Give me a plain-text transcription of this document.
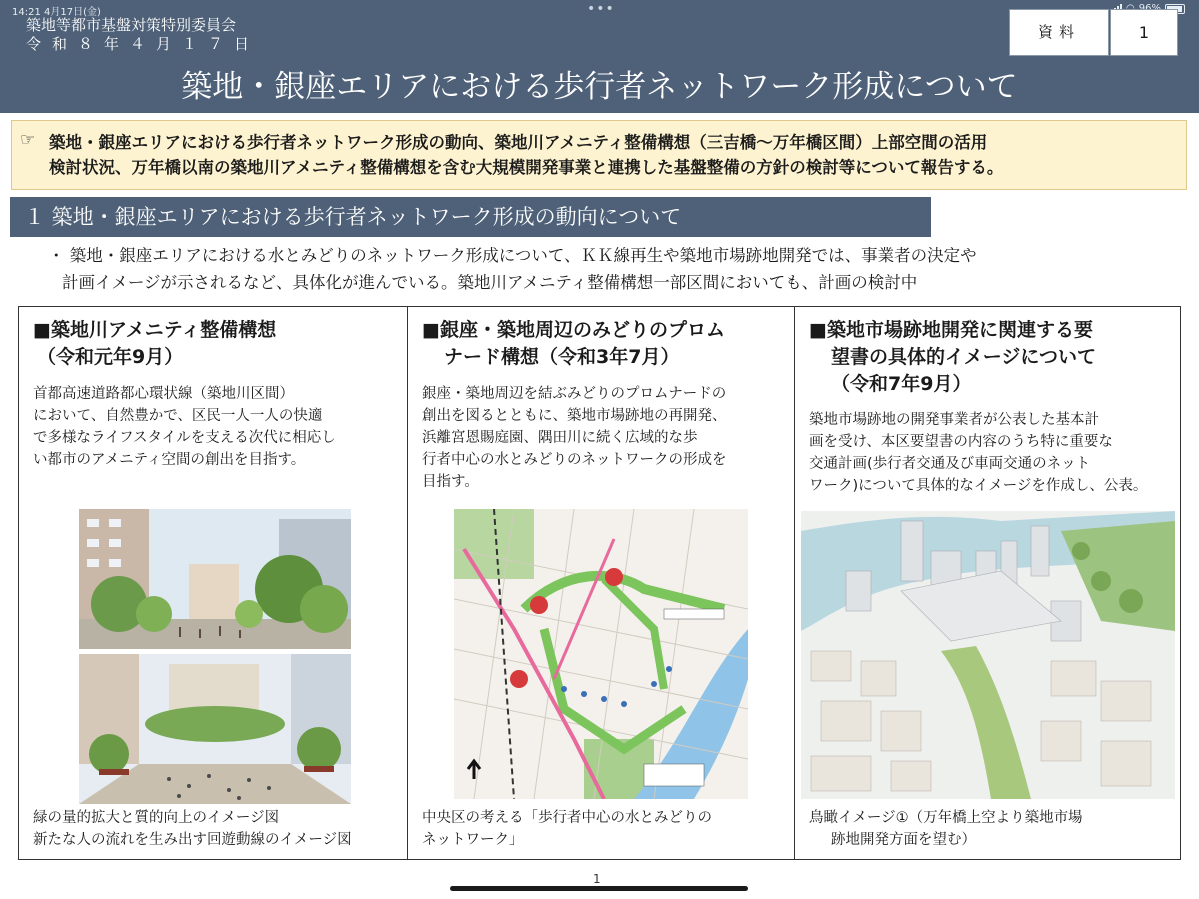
14:21 4月17日(金)	•••
築地等都市基盤対策特別委員会
令和８年４月１７日
資料	1
築地・銀座エリアにおける歩行者ネットワーク形成について
☞ 築地・銀座エリアにおける歩行者ネットワーク形成の動向、築地川アメニティ整備構想（三吉橋～万年橋区間）上部空間の活用
検討状況、万年橋以南の築地川アメニティ整備構想を含む大規模開発事業と連携した基盤整備の方針の検討等について報告する。
１ 築地・銀座エリアにおける歩行者ネットワーク形成の動向について
・ 築地・銀座エリアにおける水とみどりのネットワーク形成について、ＫＫ線再生や築地市場跡地開発では、事業者の決定や
計画イメージが示されるなど、具体化が進んでいる。築地川アメニティ整備構想一部区間においても、計画の検討中
■築地川アメニティ整備構想
（令和元年9月）
首都高速道路都心環状線（築地川区間）
において、自然豊かで、区民一人一人の快適
で多様なライフスタイルを支える次代に相応し
い都市のアメニティ空間の創出を目指す。
緑の量的拡大と質的向上のイメージ図
新たな人の流れを生み出す回遊動線のイメージ図
■銀座・築地周辺のみどりのプロム
ナード構想（令和3年7月）
銀座・築地周辺を結ぶみどりのプロムナードの
創出を図るとともに、築地市場跡地の再開発、
浜離宮恩賜庭園、隅田川に続く広域的な歩
行者中心の水とみどりのネットワークの形成を
目指す。
中央区の考える「歩行者中心の水とみどりの
ネットワーク」
■築地市場跡地開発に関連する要
望書の具体的イメージについて
（令和7年9月）
築地市場跡地の開発事業者が公表した基本計
画を受け、本区要望書の内容のうち特に重要な
交通計画(歩行者交通及び車両交通のネット
ワーク)について具体的なイメージを作成し、公表。
鳥瞰イメージ①（万年橋上空より築地市場
跡地開発方面を望む）
1
